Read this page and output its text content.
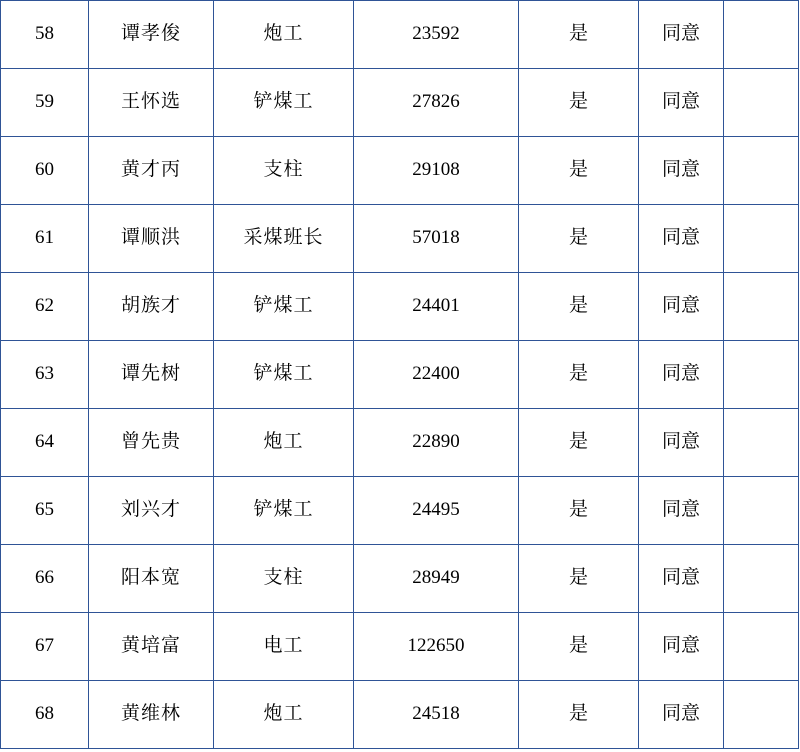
58	谭孝俊	炮工	23592	是	同意	
59	王怀选	铲煤工	27826	是	同意	
60	黄才丙	支柱	29108	是	同意	
61	谭顺洪	采煤班长	57018	是	同意	
62	胡族才	铲煤工	24401	是	同意	
63	谭先树	铲煤工	22400	是	同意	
64	曾先贵	炮工	22890	是	同意	
65	刘兴才	铲煤工	24495	是	同意	
66	阳本宽	支柱	28949	是	同意	
67	黄培富	电工	122650	是	同意	
68	黄维林	炮工	24518	是	同意	
